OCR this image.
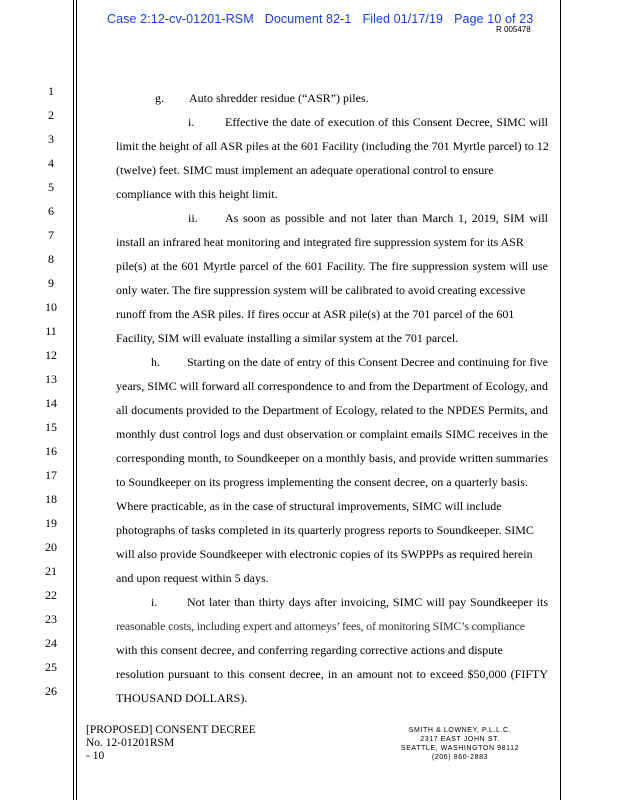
Case 2:12-cv-01201-RSM Document 82-1 Filed 01/17/19 Page 10 of 23
R 005478
1
2
3
4
5
6
7
8
9
10
11
12
13
14
15
16
17
18
19
20
21
22
23
24
25
26
g. Auto shredder residue (“ASR”) piles.
i.	Effective the date of execution of this Consent Decree, SIMC will
limit the height of all ASR piles at the 601 Facility (including the 701 Myrtle parcel) to 12
(twelve) feet. SIMC must implement an adequate operational control to ensure
compliance with this height limit.
ii. As soon as possible and not later than March 1, 2019, SIM will
install an infrared heat monitoring and integrated fire suppression system for its ASR
pile(s) at the 601 Myrtle parcel of the 601 Facility. The fire suppression system will use
only water. The fire suppression system will be calibrated to avoid creating excessive
runoff from the ASR piles. If fires occur at ASR pile(s) at the 701 parcel of the 601
Facility, SIM will evaluate installing a similar system at the 701 parcel.
h. Starting on the date of entry of this Consent Decree and continuing for five
years, SIMC will forward all correspondence to and from the Department of Ecology, and
all documents provided to the Department of Ecology, related to the NPDES Permits, and
monthly dust control logs and dust observation or complaint emails SIMC receives in the
corresponding month, to Soundkeeper on a monthly basis, and provide written summaries
to Soundkeeper on its progress implementing the consent decree, on a quarterly basis.
Where practicable, as in the case of structural improvements, SIMC will include
photographs of tasks completed in its quarterly progress reports to Soundkeeper. SIMC
will also provide Soundkeeper with electronic copies of its SWPPPs as required herein
and upon request within 5 days.
i. Not later than thirty days after invoicing, SIMC will pay Soundkeeper its
reasonable costs, including expert and attorneys’ fees, of monitoring SIMC’s compliance
with this consent decree, and conferring regarding corrective actions and dispute
resolution pursuant to this consent decree, in an amount not to exceed $50,000 (FIFTY
THOUSAND DOLLARS).
[PROPOSED] CONSENT DECREE
No. 12-01201RSM
- 10
SMITH & LOWNEY, P.L.L.C.
2317 EAST JOHN ST.
SEATTLE, WASHINGTON 98112
(206) 860-2883
